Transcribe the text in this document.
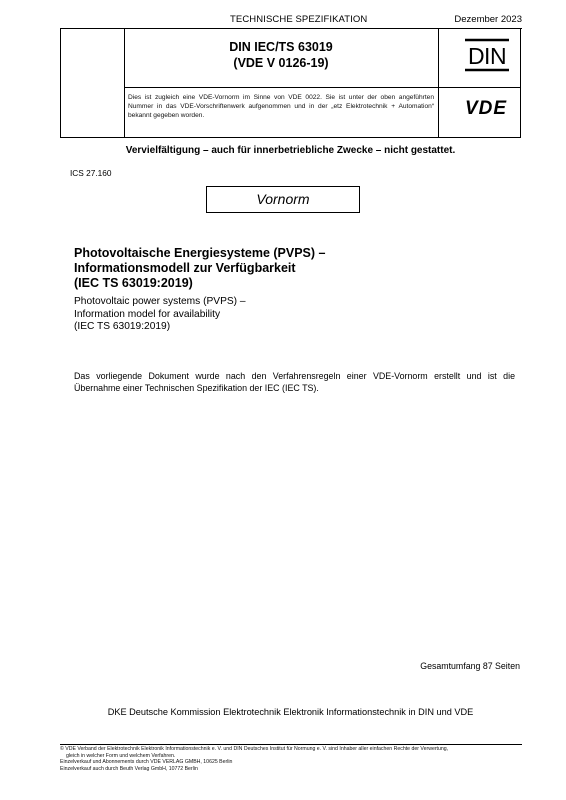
TECHNISCHE SPEZIFIKATION	Dezember 2023
DIN IEC/TS 63019
(VDE V 0126-19)	DIN
VDE
Dies ist zugleich eine VDE-Vornorm im Sinne von VDE 0022. Sie ist unter der oben angeführten Nummer in das VDE-Vorschriftenwerk aufgenommen und in der „etz Elektrotechnik + Automation“ bekannt gegeben worden.
Vervielfältigung – auch für innerbetriebliche Zwecke – nicht gestattet.
ICS 27.160
Vornorm
Photovoltaische Energiesysteme (PVPS) –
Informationsmodell zur Verfügbarkeit
(IEC TS 63019:2019)
Photovoltaic power systems (PVPS) –
Information model for availability
(IEC TS 63019:2019)
Das vorliegende Dokument wurde nach den Verfahrensregeln einer VDE-Vornorm erstellt und ist die Übernahme einer Technischen Spezifikation der IEC (IEC TS).
Gesamtumfang 87 Seiten
DKE Deutsche Kommission Elektrotechnik Elektronik Informationstechnik in DIN und VDE
© VDE Verband der Elektrotechnik Elektronik Informationstechnik e. V. und DIN Deutsches Institut für Normung e. V. sind Inhaber aller einfachen Rechte der Verwertung,
gleich in welcher Form und welchem Verfahren.
Einzelverkauf und Abonnements durch VDE VERLAG GMBH, 10625 Berlin
Einzelverkauf auch durch Beuth Verlag GmbH, 10772 Berlin
